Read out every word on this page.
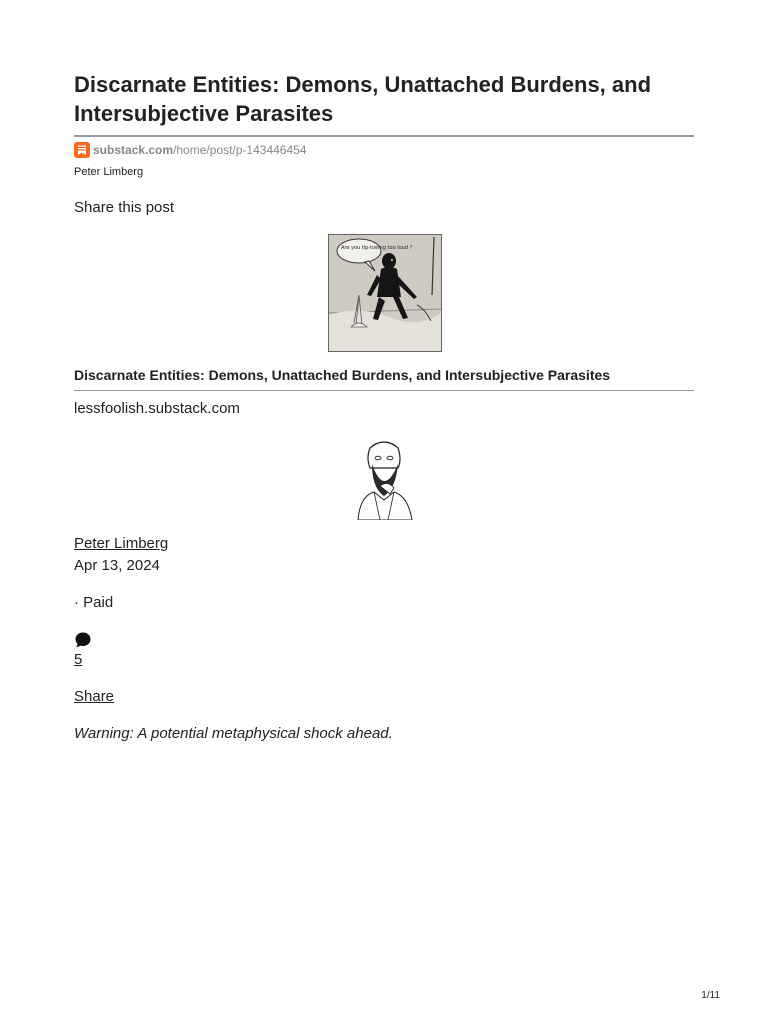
Discarnate Entities: Demons, Unattached Burdens, and Intersubjective Parasites
substack.com /home/post/p-143446454
Peter Limberg
Share this post
Are you tip-toeing too loud ?
Discarnate Entities: Demons, Unattached Burdens, and Intersubjective Parasites
lessfoolish.substack.com
Peter Limberg
Apr 13, 2024
· Paid
5
Share
Warning: A potential metaphysical shock ahead.
1/11
